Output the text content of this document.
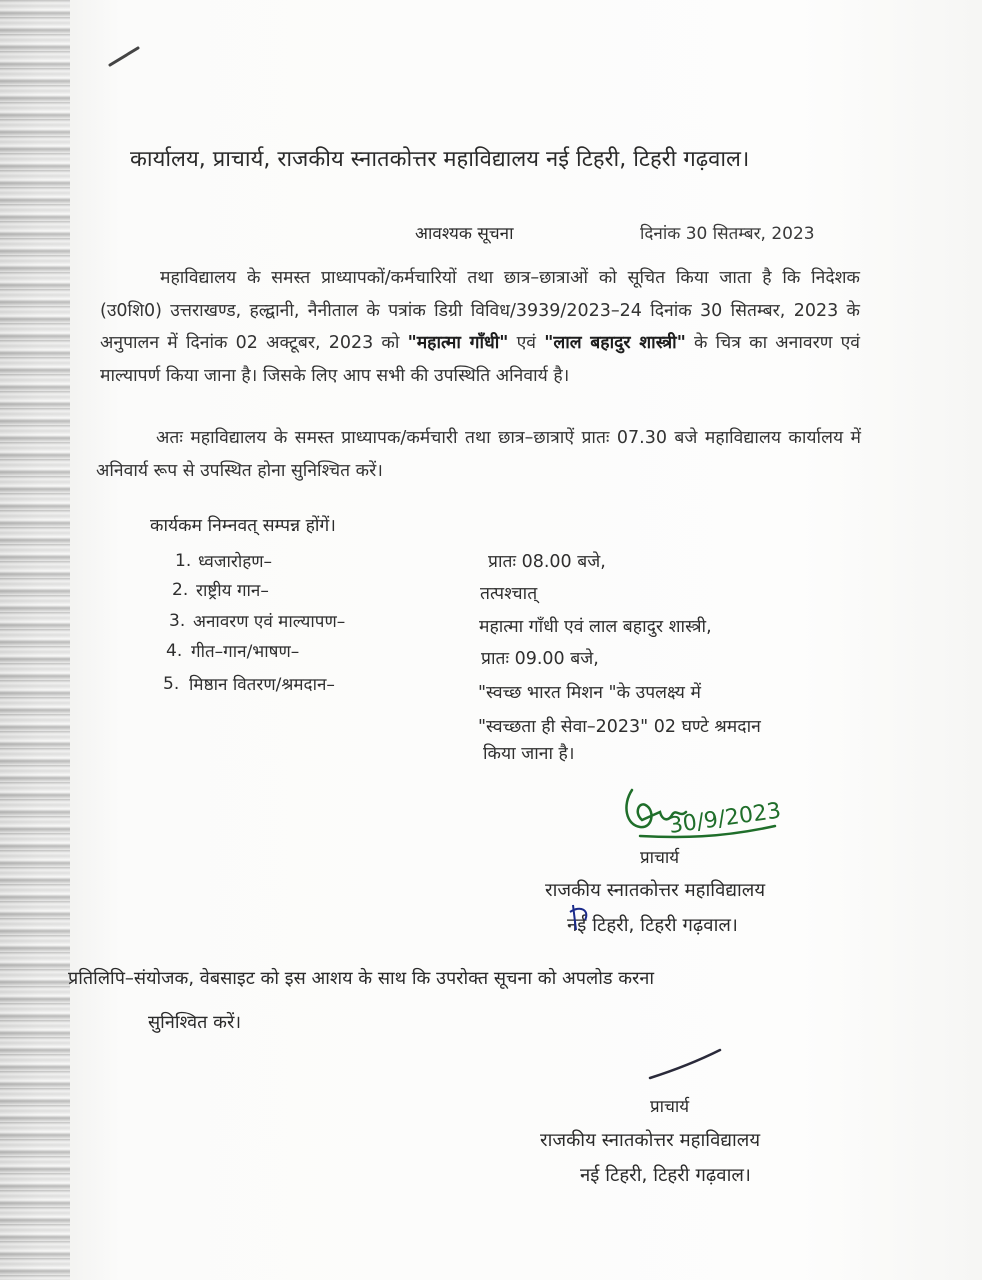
कार्यालय, प्राचार्य, राजकीय स्नातकोत्तर महाविद्यालय नई टिहरी, टिहरी गढ़वाल।
आवश्यक सूचना	दिनांक 30 सितम्बर, 2023
महाविद्यालय के समस्त प्राध्यापकों/कर्मचारियों तथा छात्र–छात्राओं को सूचित किया जाता है कि निदेशक (उ0शि0) उत्तराखण्ड, हल्द्वानी, नैनीताल के पत्रांक डिग्री विविध/3939/2023–24 दिनांक 30 सितम्बर, 2023 के अनुपालन में दिनांक 02 अक्टूबर, 2023 को "महात्मा गाँधी" एवं "लाल बहादुर शास्त्री" के चित्र का अनावरण एवं माल्यापर्ण किया जाना है। जिसके लिए आप सभी की उपस्थिति अनिवार्य है।
अतः महाविद्यालय के समस्त प्राध्यापक/कर्मचारी तथा छात्र–छात्राऐं प्रातः 07.30 बजे महाविद्यालय कार्यालय में अनिवार्य रूप से उपस्थित होना सुनिश्चित करें।
कार्यकम निम्नवत् सम्पन्न होंगें।
1. ध्वजारोहण–	प्रातः 08.00 बजे,
2. राष्ट्रीय गान–	तत्पश्चात्
3. अनावरण एवं माल्यापण–	महात्मा गाँधी एवं लाल बहादुर शास्त्री,
4. गीत–गान/भाषण–	प्रातः 09.00 बजे,
5. मिष्ठान वितरण/श्रमदान–	"स्वच्छ भारत मिशन "के उपलक्ष्य में
"स्वच्छता ही सेवा–2023" 02 घण्टे श्रमदान
किया जाना है।
प्राचार्य
राजकीय स्नातकोत्तर महाविद्यालय
नई टिहरी, टिहरी गढ़वाल।
प्रतिलिपि–संयोजक, वेबसाइट को इस आशय के साथ कि उपरोक्त सूचना को अपलोड करना
सुनिश्वित करें।
प्राचार्य
राजकीय स्नातकोत्तर महाविद्यालय
नई टिहरी, टिहरी गढ़वाल।
30/9/2023
